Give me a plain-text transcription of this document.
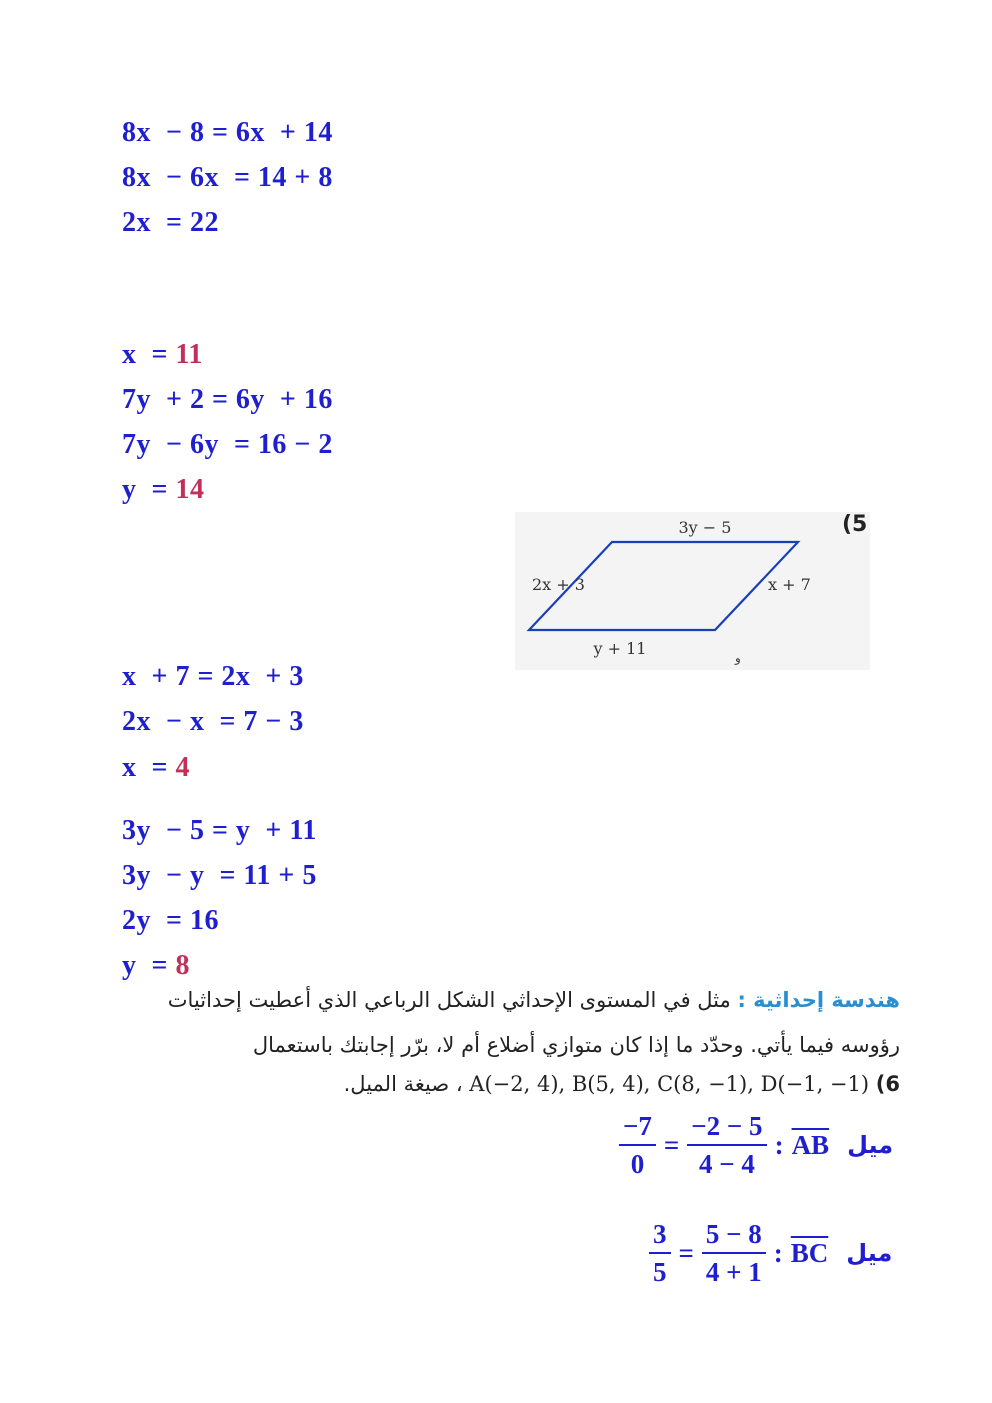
8x  − 8 = 6x  + 14
8x  − 6x  = 14 + 8
2x  = 22
x  = 11
7y  + 2 = 6y  + 16
7y  − 6y  = 16 − 2
y  = 14
3y − 5
2x + 3	x + 7
y + 11	و
(5
x  + 7 = 2x  + 3
2x  − x  = 7 − 3
x  = 4
3y  − 5 = y  + 11
3y  − y  = 11 + 5
2y  = 16
y  = 8
هندسة إحداثية : مثل في المستوى الإحداثي الشكل الرباعي الذي أعطيت إحداثيات
رؤوسه فيما يأتي. وحدّد ما إذا كان متوازي أضلاع أم لا، برّر إجابتك باستعمال
6) A(−2, 4), B(5, 4), C(8, −1), D(−1, −1) ، صيغة الميل.
$\frac{-7}{0} = \frac{-2 - 5}{4 - 4}$ : $\overline{AB}$ ميل
$\frac{3}{5} = \frac{5 - 8}{4 + 1}$ : $\overline{BC}$ ميل
